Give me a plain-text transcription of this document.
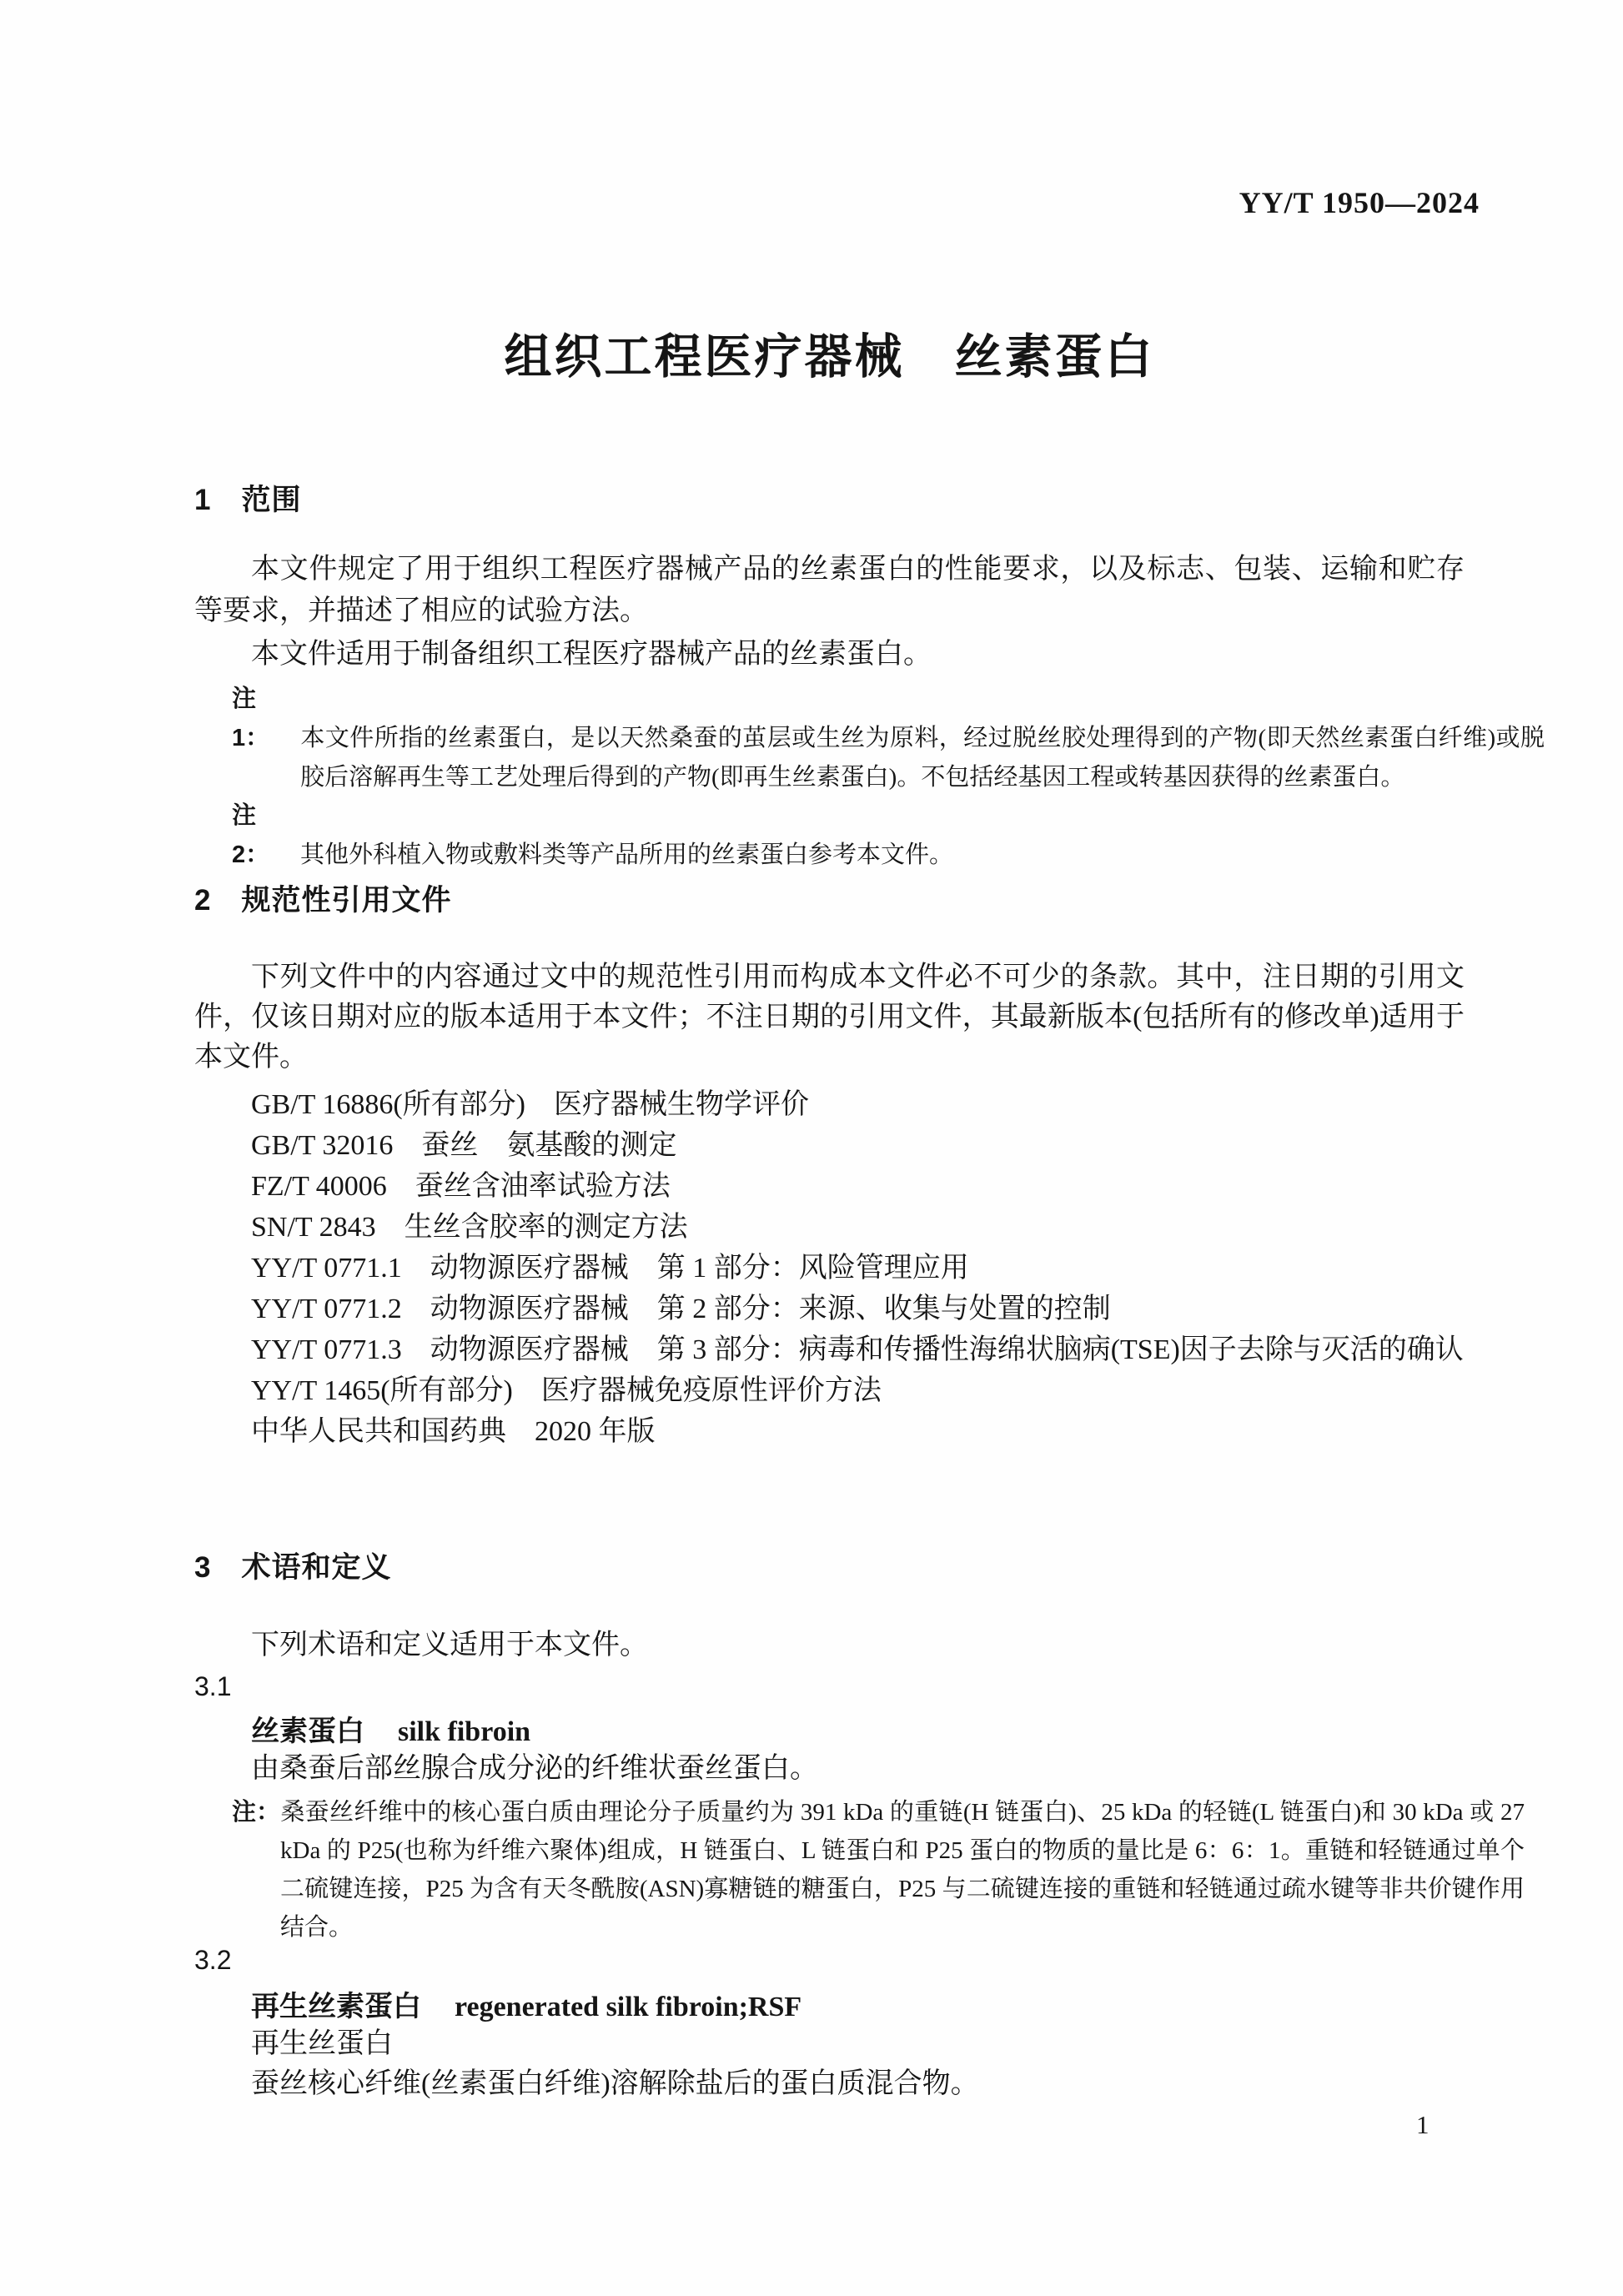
YY/T 1950—2024
组织工程医疗器械　丝素蛋白
1　范围

本文件规定了用于组织工程医疗器械产品的丝素蛋白的性能要求，以及标志、包装、运输和贮存等要求，并描述了相应的试验方法。

本文件适用于制备组织工程医疗器械产品的丝素蛋白。

注 1： 本文件所指的丝素蛋白，是以天然桑蚕的茧层或生丝为原料，经过脱丝胶处理得到的产物(即天然丝素蛋白纤维)或脱胶后溶解再生等工艺处理后得到的产物(即再生丝素蛋白)。不包括经基因工程或转基因获得的丝素蛋白。

注 2： 其他外科植入物或敷料类等产品所用的丝素蛋白参考本文件。

2　规范性引用文件

下列文件中的内容通过文中的规范性引用而构成本文件必不可少的条款。其中，注日期的引用文件，仅该日期对应的版本适用于本文件；不注日期的引用文件，其最新版本(包括所有的修改单)适用于本文件。

GB/T 16886(所有部分)　医疗器械生物学评价

GB/T 32016　蚕丝　氨基酸的测定

FZ/T 40006　蚕丝含油率试验方法

SN/T 2843　生丝含胶率的测定方法

YY/T 0771.1　动物源医疗器械　第 1 部分：风险管理应用

YY/T 0771.2　动物源医疗器械　第 2 部分：来源、收集与处置的控制

YY/T 0771.3　动物源医疗器械　第 3 部分：病毒和传播性海绵状脑病(TSE)因子去除与灭活的确认

YY/T 1465(所有部分)　医疗器械免疫原性评价方法

中华人民共和国药典　2020 年版

3　术语和定义

下列术语和定义适用于本文件。

3.1
丝素蛋白 silk fibroin

由桑蚕后部丝腺合成分泌的纤维状蚕丝蛋白。

注：桑蚕丝纤维中的核心蛋白质由理论分子质量约为 391 kDa 的重链(H 链蛋白)、25 kDa 的轻链(L 链蛋白)和 30 kDa 或 27 kDa 的 P25(也称为纤维六聚体)组成，H 链蛋白、L 链蛋白和 P25 蛋白的物质的量比是 6：6：1。重链和轻链通过单个二硫键连接，P25 为含有天冬酰胺(ASN)寡糖链的糖蛋白，P25 与二硫键连接的重链和轻链通过疏水键等非共价键作用结合。

3.2
再生丝素蛋白 regenerated silk fibroin;RSF

再生丝蛋白

蚕丝核心纤维(丝素蛋白纤维)溶解除盐后的蛋白质混合物。

1
